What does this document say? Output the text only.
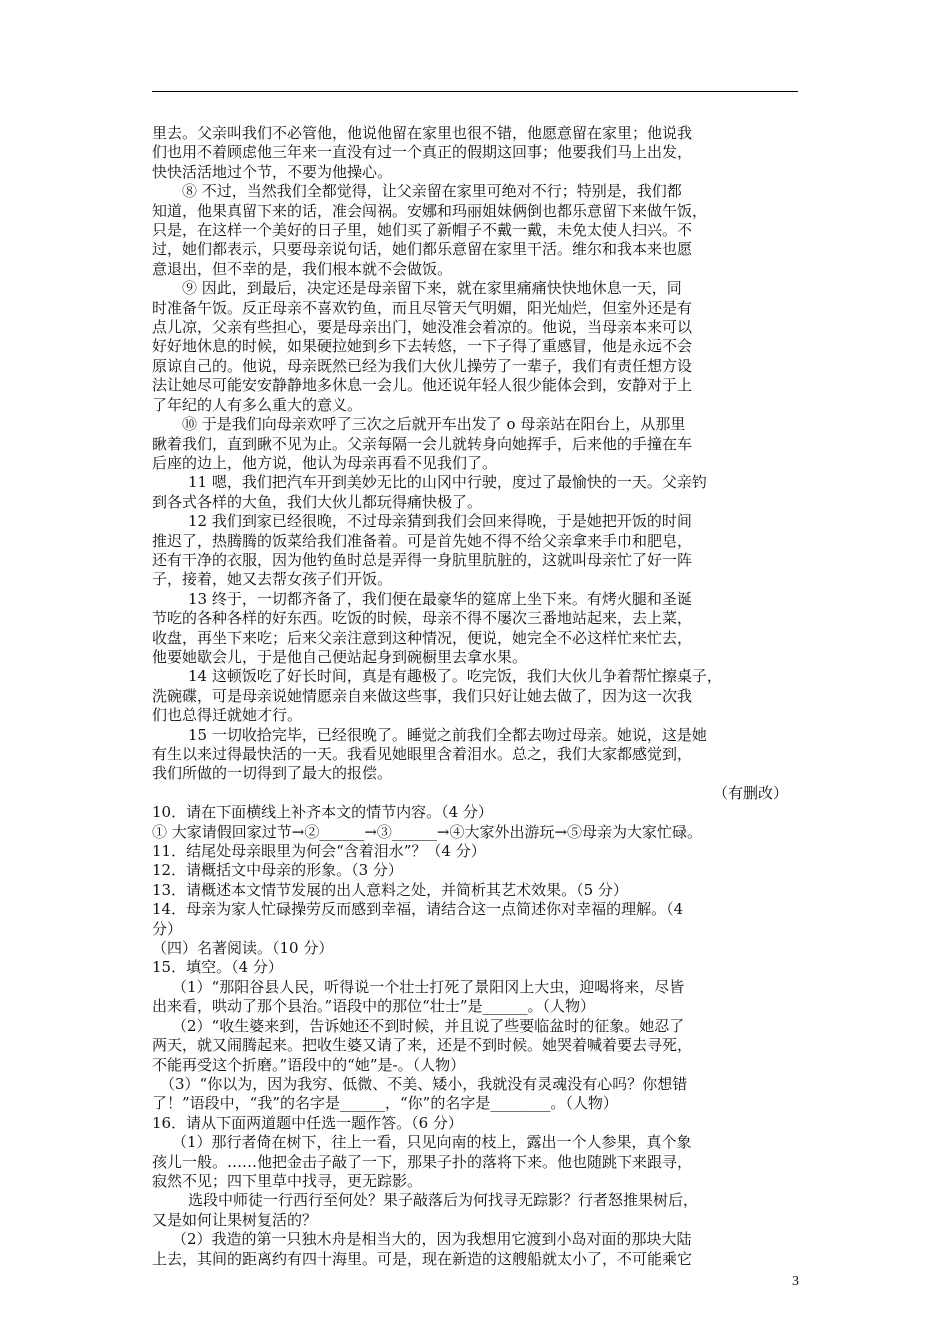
里去。父亲叫我们不必管他，他说他留在家里也很不错，他愿意留在家里；他说我

们也用不着顾虑他三年来一直没有过一个真正的假期这回事；他要我们马上出发，

快快活活地过个节，不要为他操心。

⑧ 不过，当然我们全都觉得，让父亲留在家里可绝对不行；特别是，我们都

知道，他果真留下来的话，准会闯祸。安娜和玛丽姐妹俩倒也都乐意留下来做午饭，

只是，在这样一个美好的日子里，她们买了新帽子不戴一戴，未免太使人扫兴。不

过，她们都表示，只要母亲说句话，她们都乐意留在家里干活。维尔和我本来也愿

意退出，但不幸的是，我们根本就不会做饭。

⑨ 因此，到最后，决定还是母亲留下来，就在家里痛痛快快地休息一天，同

时准备午饭。反正母亲不喜欢钓鱼，而且尽管天气明媚，阳光灿烂，但室外还是有

点儿凉，父亲有些担心，要是母亲出门，她没准会着凉的。他说，当母亲本来可以

好好地休息的时候，如果硬拉她到乡下去转悠，一下子得了重感冒，他是永远不会

原谅自己的。他说，母亲既然已经为我们大伙儿操劳了一辈子，我们有责任想方设

法让她尽可能安安静静地多休息一会儿。他还说年轻人很少能体会到，安静对于上

了年纪的人有多么重大的意义。

⑩ 于是我们向母亲欢呼了三次之后就开车出发了 o 母亲站在阳台上，从那里

瞅着我们，直到瞅不见为止。父亲每隔一会儿就转身向她挥手，后来他的手撞在车

后座的边上，他方说，他认为母亲再看不见我们了。

11 嗯，我们把汽车开到美妙无比的山冈中行驶，度过了最愉快的一天。父亲钓

到各式各样的大鱼，我们大伙儿都玩得痛快极了。

12 我们到家已经很晚，不过母亲猜到我们会回来得晚，于是她把开饭的时间

推迟了，热腾腾的饭菜给我们准备着。可是首先她不得不给父亲拿来手巾和肥皂，

还有干净的衣服，因为他钓鱼时总是弄得一身肮里肮脏的，这就叫母亲忙了好一阵

子，接着，她又去帮女孩子们开饭。

13 终于，一切都齐备了，我们便在最豪华的筵席上坐下来。有烤火腿和圣诞

节吃的各种各样的好东西。吃饭的时候，母亲不得不屡次三番地站起来，去上菜，

收盘，再坐下来吃；后来父亲注意到这种情况，便说，她完全不必这样忙来忙去，

他要她歇会儿，于是他自己便站起身到碗橱里去拿水果。

14 这顿饭吃了好长时间，真是有趣极了。吃完饭，我们大伙儿争着帮忙擦桌子，

洗碗碟，可是母亲说她情愿亲自来做这些事，我们只好让她去做了，因为这一次我

们也总得迁就她才行。

15 一切收拾完毕，已经很晚了。睡觉之前我们全都去吻过母亲。她说，这是她

有生以来过得最快活的一天。我看见她眼里含着泪水。总之，我们大家都感觉到，

我们所做的一切得到了最大的报偿。

（有删改）

10．请在下面横线上补齐本文的情节内容。（4 分）

① 大家请假回家过节→②______→③______→④大家外出游玩→⑤母亲为大家忙碌。

11．结尾处母亲眼里为何会“含着泪水”？（4 分）

12．请概括文中母亲的形象。（3 分）

13．请概述本文情节发展的出人意料之处，并简析其艺术效果。（5 分）

14．母亲为家人忙碌操劳反而感到幸福，请结合这一点简述你对幸福的理解。（4

分）

（四）名著阅读。（10 分）

15．填空。（4 分）

（1）“那阳谷县人民，听得说一个壮士打死了景阳冈上大虫，迎喝将来，尽皆

出来看，哄动了那个县治。”语段中的那位“壮士”是______。（人物）

（2）“收生婆来到，告诉她还不到时候，并且说了些要临盆时的征象。她忍了

两天，就又闹腾起来。把收生婆又请了来，还是不到时候。她哭着喊着要去寻死，

不能再受这个折磨。”语段中的“她”是-。（人物）

（3）“你以为，因为我穷、低微、不美、矮小，我就没有灵魂没有心吗？你想错

了！”语段中，“我”的名字是______，“你”的名字是________。（人物）

16．请从下面两道题中任选一题作答。（6 分）

（1）那行者倚在树下，往上一看，只见向南的枝上，露出一个人参果，真个象

孩儿一般。……他把金击子敲了一下，那果子扑的落将下来。他也随跳下来跟寻，

寂然不见；四下里草中找寻，更无踪影。

选段中师徒一行西行至何处？果子敲落后为何找寻无踪影？行者怒推果树后，

又是如何让果树复活的？

（2）我造的第一只独木舟是相当大的，因为我想用它渡到小岛对面的那块大陆

上去，其间的距离约有四十海里。可是，现在新造的这艘船就太小了，不可能乘它

3
